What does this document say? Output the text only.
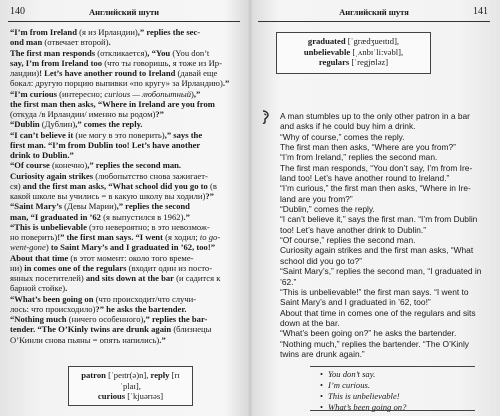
140	Английский шути

“I’m from Ireland (я из Ирландии),” replies the sec-

ond man (отвечает второй).

The first man responds (откликается), “You (You don’t

say, I’m from Ireland too (что ты говоришь, я тоже из Ир-

ландии)! Let’s have another round to Ireland (давай еще

бокал: другую порцию выпивки «по кругу» за Ирландию).”

“I’m curious (интересно; curious — любопытный),”

the first man then asks, “Where in Ireland are you from

(откуда /в Ирландии/ именно вы родом)?”

“Dublin (Дублин),” comes the reply.

“I can’t believe it (не могу в это поверить),” says the

first man. “I’m from Dublin too! Let’s have another

drink to Dublin.”

“Of course (конечно),” replies the second man.

Curiosity again strikes (любопытство снова зажигает-

ся) and the first man asks, “What school did you go to (в

какой школе вы учились = в какую школу вы ходили)?”

“Saint Mary’s (Девы Марии),” replies the second

man, “I graduated in ’62 (я выпустился в 1962).”

“This is unbelievable (это невероятно; в это невозмож-

но поверить)!” the first man says. “I went (я ходил; to go-

went-gone) to Saint Mary’s and I graduated in ’62, too!”

About that time (в этот момент: около того време-

ни) in comes one of the regulars (входит один из посто-

янных посетителей) and sits down at the bar (и садится к

барной стойке).

“What’s been going on (что происходит/что случи-

лось: что происходило)?” he asks the bartender.

“Nothing much (ничего особенного),” replies the bar-

tender. “The O’Kinly twins are drunk again (близнецы

О’Кинли снова пьяны = опять напились).”

patron [ˈpeɪtr(ə)n], reply [rɪˈplaɪ],
curious [ˈkjuərɪəs]
Английский шутя	141
graduated [ˈgrædʒueɪtɪd],
unbelievable [ˌʌnbɪˈli:vəbl],
regulars [ˈregjʊləz]

A man stumbles up to the only other patron in a bar

and asks if he could buy him a drink.

“Why of course,” comes the reply.

The first man then asks, “Where are you from?”

“I’m from Ireland,” replies the second man.

The first man responds, “You don’t say, I’m from Ire-

land too! Let’s have another round to Ireland.”

“I’m curious,” the first man then asks, “Where in Ire-

land are you from?”

“Dublin,” comes the reply.

“I can’t believe it,” says the first man. “I’m from Dublin

too! Let’s have another drink to Dublin.”

“Of course,” replies the second man.

Curiosity again strikes and the first man asks, “What

school did you go to?”

“Saint Mary’s,” replies the second man, “I graduated in

’62.”

“This is unbelievable!” the first man says. “I went to

Saint Mary’s and I graduated in ’62, too!”

About that time in comes one of the regulars and sits

down at the bar.

“What’s been going on?” he asks the bartender.

“Nothing much,” replies the bartender. “The O’Kinly

twins are drunk again.”

• You don’t say.
• I’m curious.
• This is unbelievable!
• What’s been going on?
